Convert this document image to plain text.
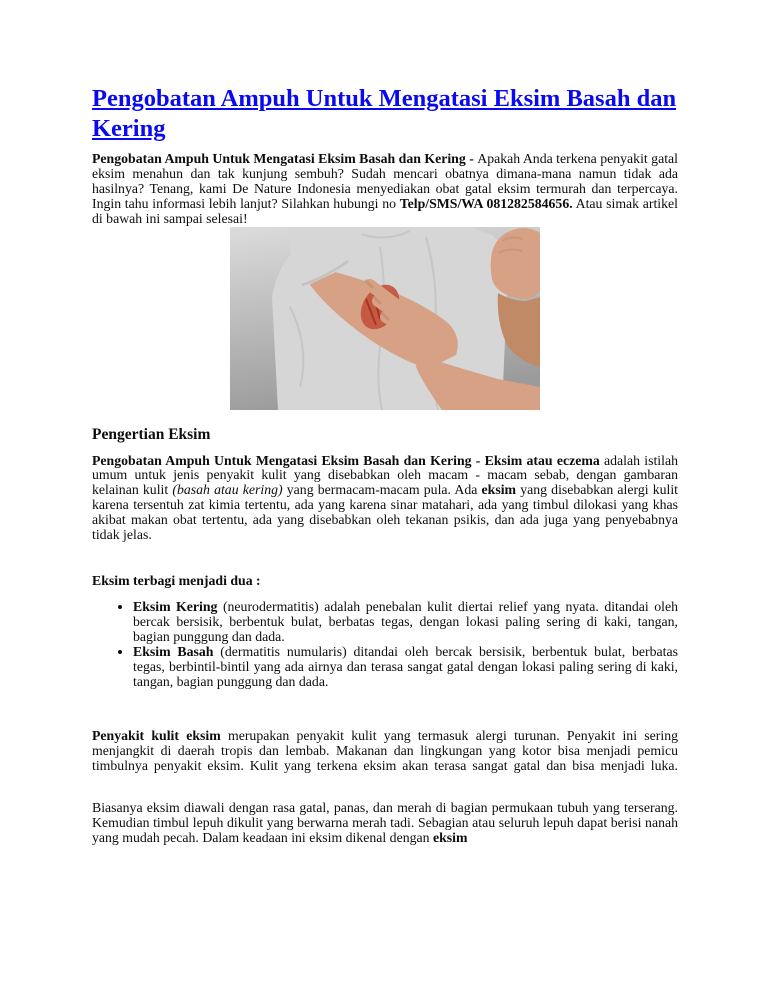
Pengobatan Ampuh Untuk Mengatasi Eksim Basah dan Kering

Pengobatan Ampuh Untuk Mengatasi Eksim Basah dan Kering - Apakah Anda terkena penyakit gatal eksim menahun dan tak kunjung sembuh? Sudah mencari obatnya dimana-mana namun tidak ada hasilnya? Tenang, kami De Nature Indonesia menyediakan obat gatal eksim termurah dan terpercaya. Ingin tahu informasi lebih lanjut? Silahkan hubungi no Telp/SMS/WA 081282584656. Atau simak artikel di bawah ini sampai selesai!

Pengertian Eksim

Pengobatan Ampuh Untuk Mengatasi Eksim Basah dan Kering - Eksim atau eczema adalah istilah umum untuk jenis penyakit kulit yang disebabkan oleh macam - macam sebab, dengan gambaran kelainan kulit (basah atau kering) yang bermacam-macam pula. Ada eksim yang disebabkan alergi kulit karena tersentuh zat kimia tertentu, ada yang karena sinar matahari, ada yang timbul dilokasi yang khas akibat makan obat tertentu, ada yang disebabkan oleh tekanan psikis, dan ada juga yang penyebabnya tidak jelas.

Eksim terbagi menjadi dua :
• Eksim Kering (neurodermatitis) adalah penebalan kulit diertai relief yang nyata. ditandai oleh bercak bersisik, berbentuk bulat, berbatas tegas, dengan lokasi paling sering di kaki, tangan, bagian punggung dan dada.
• Eksim Basah (dermatitis numularis) ditandai oleh bercak bersisik, berbentuk bulat, berbatas tegas, berbintil-bintil yang ada airnya dan terasa sangat gatal dengan lokasi paling sering di kaki, tangan, bagian punggung dan dada.

Penyakit kulit eksim merupakan penyakit kulit yang termasuk alergi turunan. Penyakit ini sering menjangkit di daerah tropis dan lembab. Makanan dan lingkungan yang kotor bisa menjadi pemicu timbulnya penyakit eksim. Kulit yang terkena eksim akan terasa sangat gatal dan bisa menjadi luka.

Biasanya eksim diawali dengan rasa gatal, panas, dan merah di bagian permukaan tubuh yang terserang. Kemudian timbul lepuh dikulit yang berwarna merah tadi. Sebagian atau seluruh lepuh dapat berisi nanah yang mudah pecah. Dalam keadaan ini eksim dikenal dengan eksim
